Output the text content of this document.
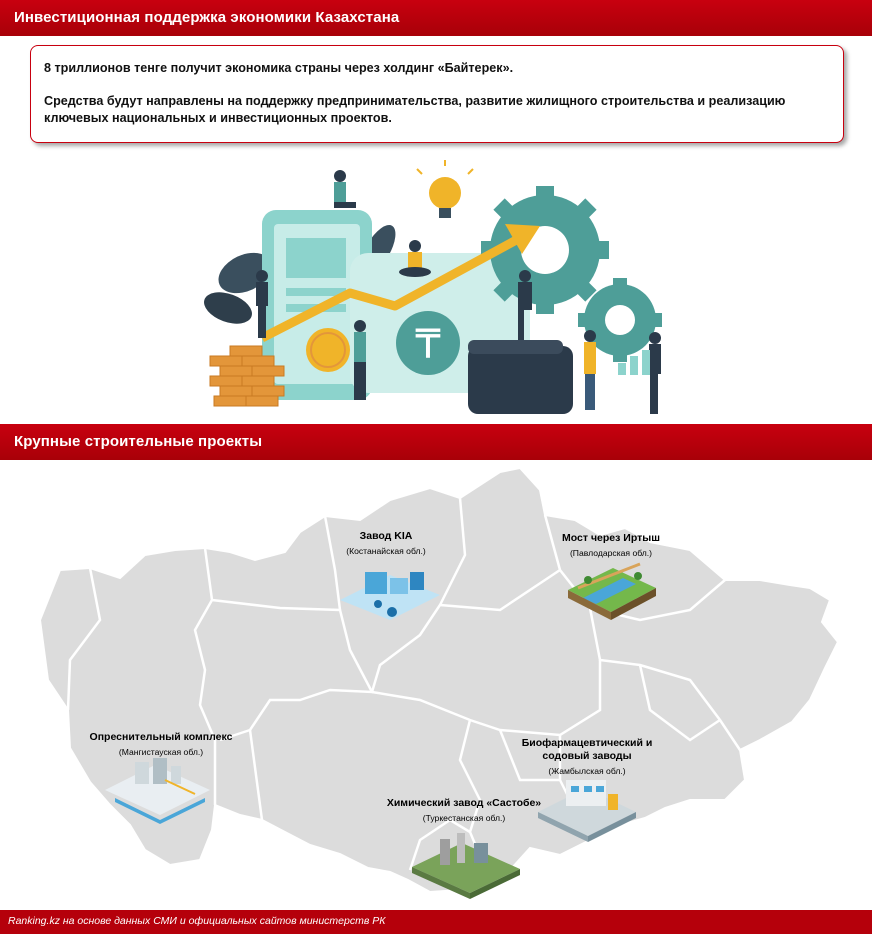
Инвестиционная поддержка экономики Казахстана

8 триллионов тенге получит экономика страны через холдинг «Байтерек».

Средства будут направлены на поддержку предпринимательства, развитие жилищного строительства и реализацию ключевых национальных и инвестиционных проектов.

₸
Крупные строительные проекты
Завод KIA
(Костанайская обл.)
Мост через Иртыш
(Павлодарская обл.)
Опреснительный комплекс
(Мангистауская обл.)
Биофармацевтический и содовый заводы
(Жамбылская обл.)
Химический завод «Састобе»
(Туркестанская обл.)
Ranking.kz на основе данных СМИ и официальных сайтов министерств РК
